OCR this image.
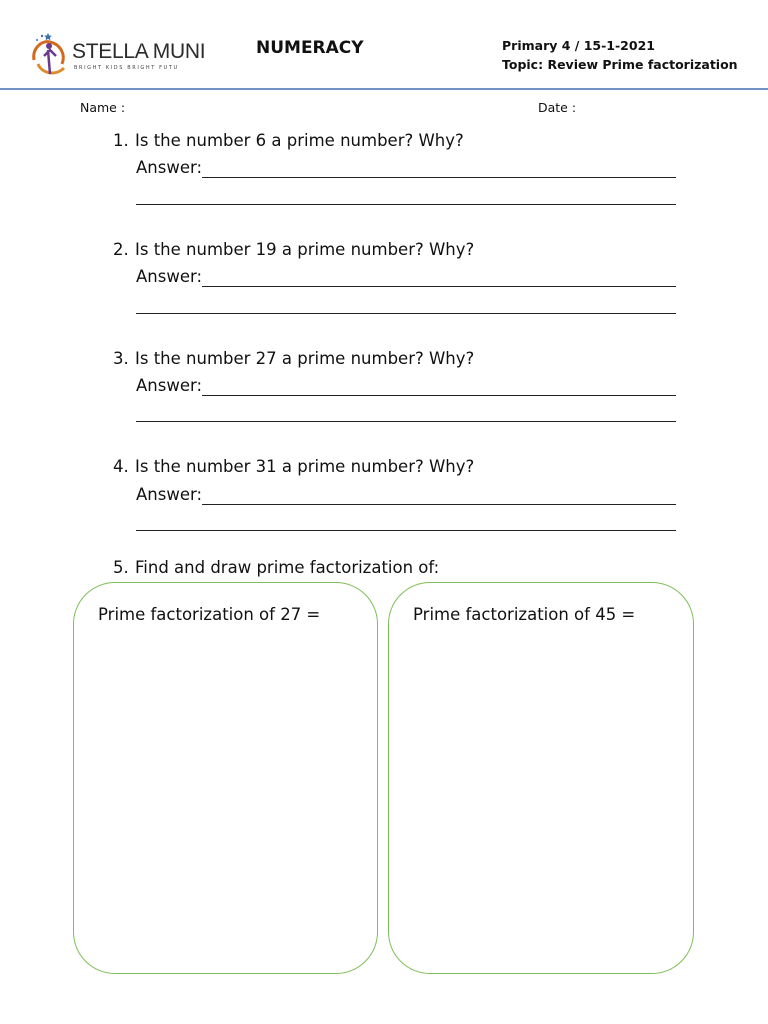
STELLA MUNI
BRIGHT KIDS BRIGHT FUTU
NUMERACY	Primary 4 / 15-1-2021
Topic: Review Prime factorization
Name :	Date :
1. Is the number 6 a prime number? Why?
Answer:
2. Is the number 19 a prime number? Why?
Answer:
3. Is the number 27 a prime number? Why?
Answer:
4. Is the number 31 a prime number? Why?
Answer:
5. Find and draw prime factorization of:
Prime factorization of 27 =	Prime factorization of 45 =
